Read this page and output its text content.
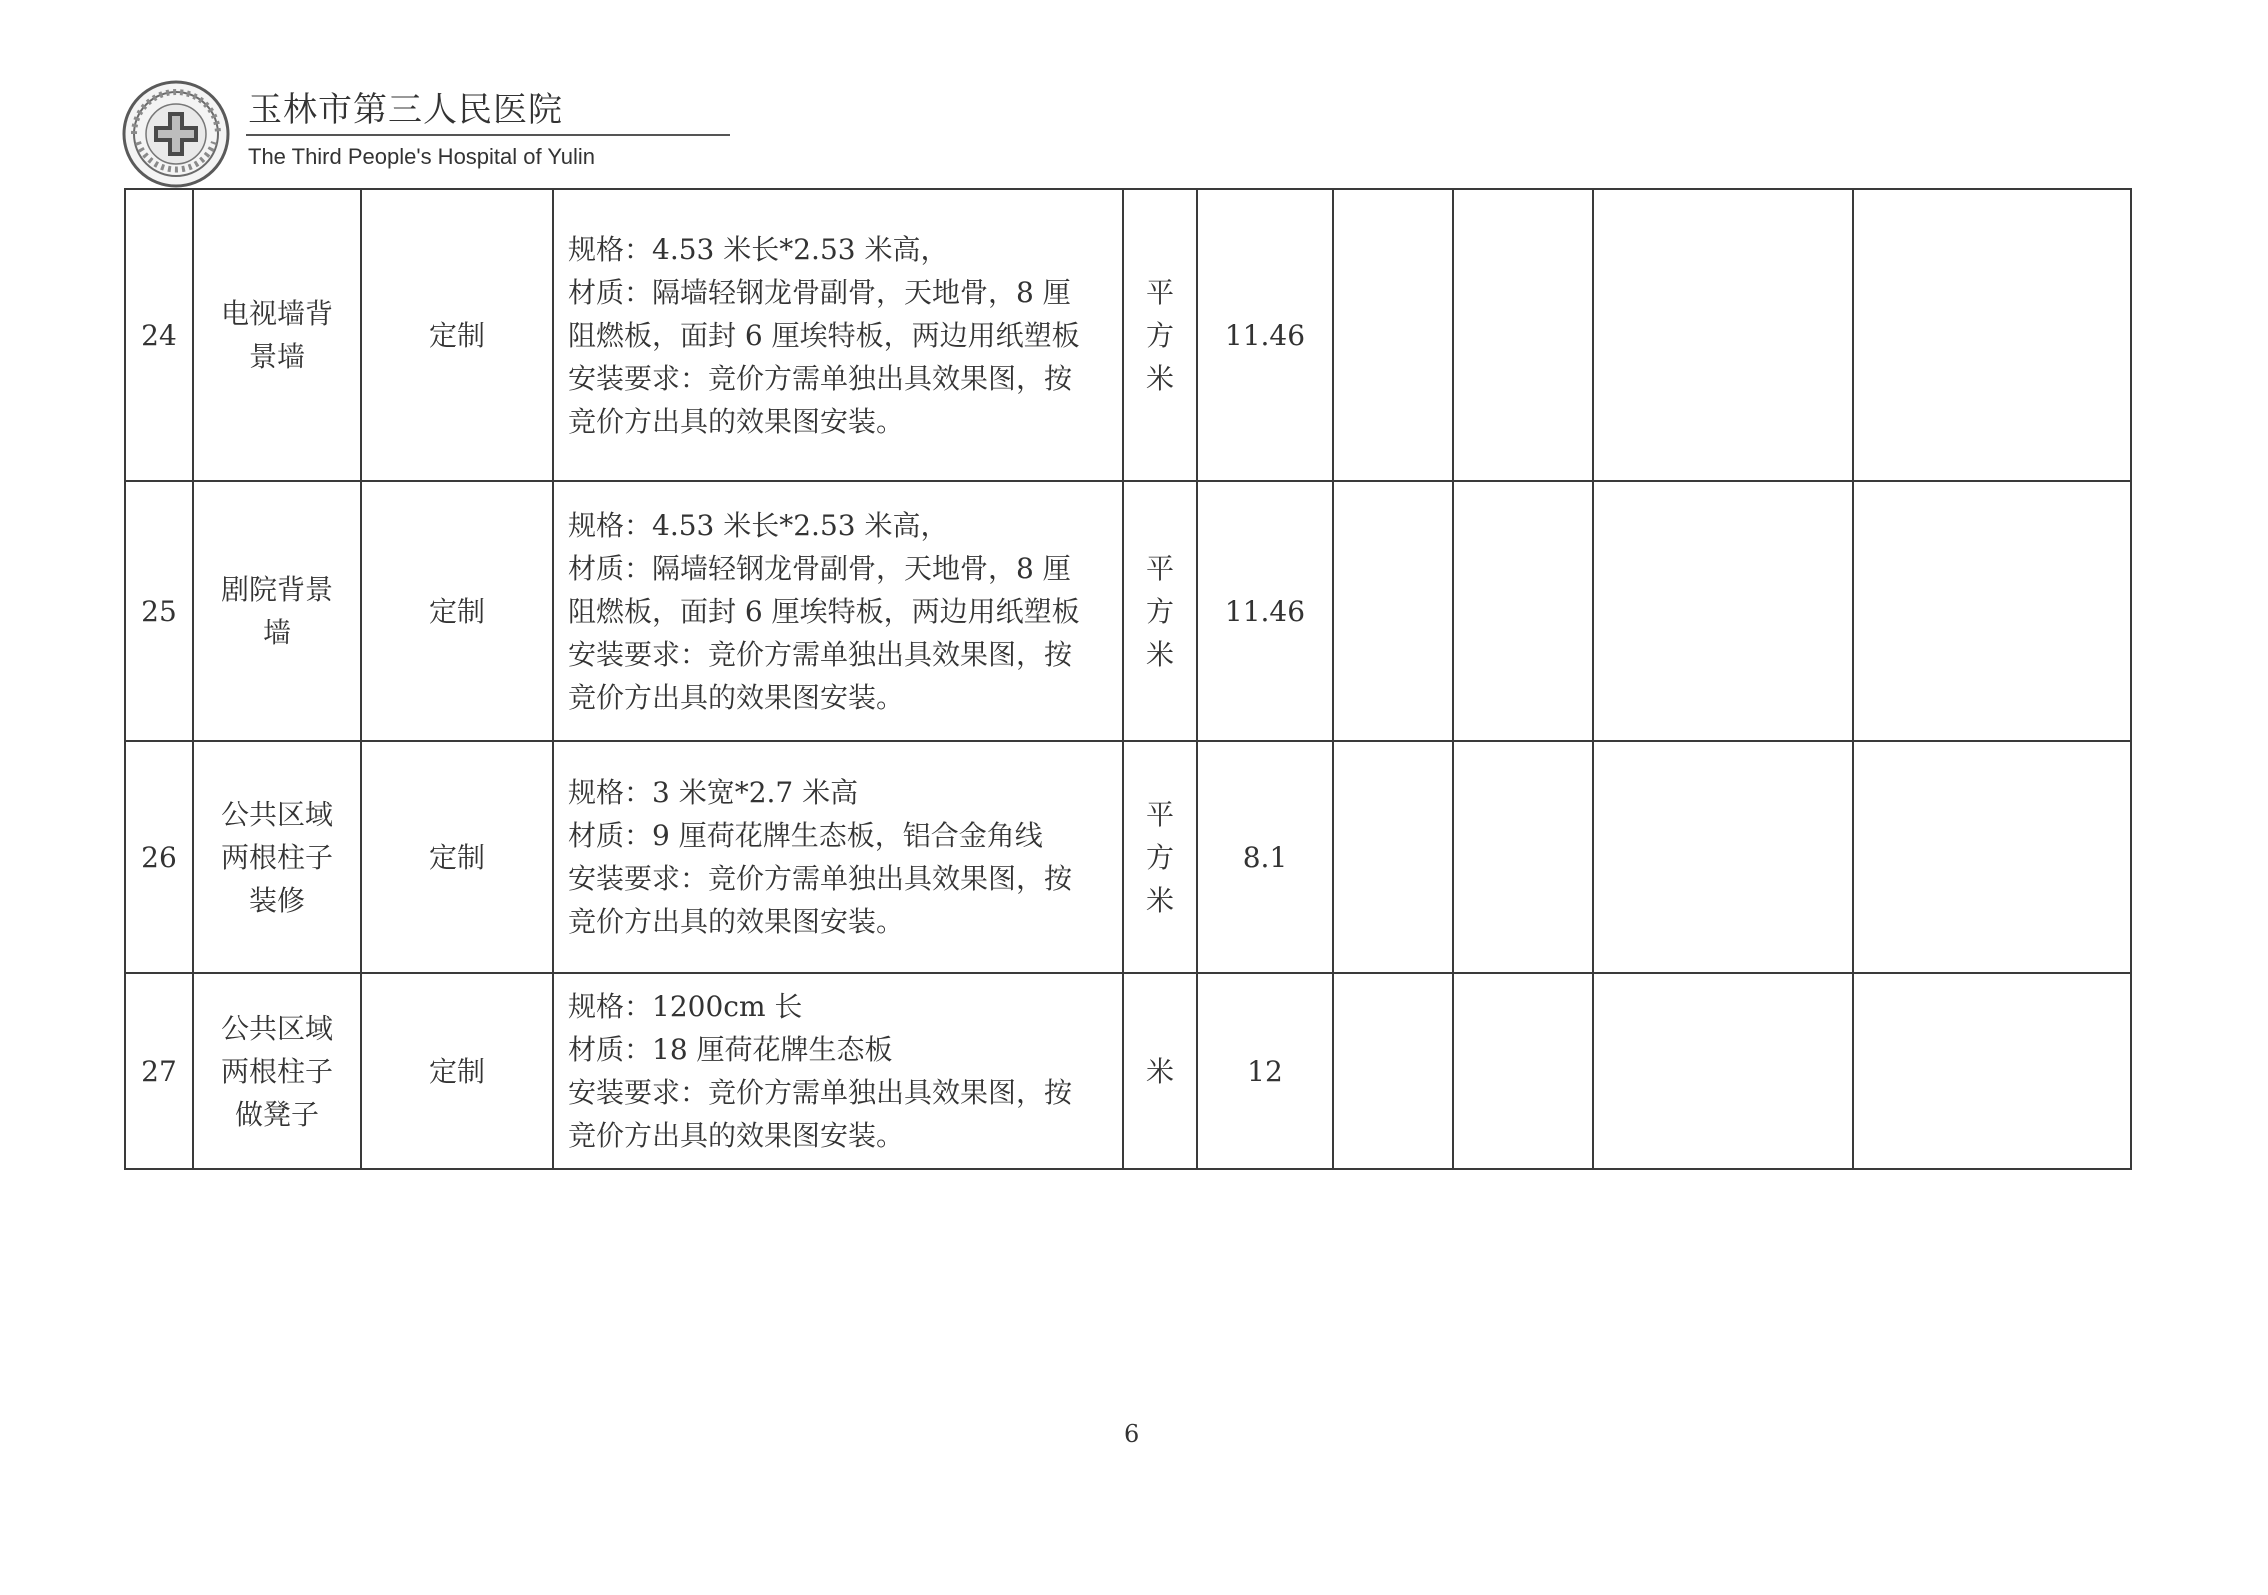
玉林市第三人民医院
The Third People's Hospital of Yulin
24	电视墙背
景墙	定制	规格：4.53 米长*2.53 米高，
材质：隔墙轻钢龙骨副骨，天地骨，8 厘
阻燃板，面封 6 厘埃特板，两边用纸塑板
安装要求：竞价方需单独出具效果图，按
竞价方出具的效果图安装。	平
方
米	11.46				
25	剧院背景
墙	定制	规格：4.53 米长*2.53 米高，
材质：隔墙轻钢龙骨副骨，天地骨，8 厘
阻燃板，面封 6 厘埃特板，两边用纸塑板
安装要求：竞价方需单独出具效果图，按
竞价方出具的效果图安装。	平
方
米	11.46				
26	公共区域
两根柱子
装修	定制	规格：3 米宽*2.7 米高
材质：9 厘荷花牌生态板，铝合金角线
安装要求：竞价方需单独出具效果图，按
竞价方出具的效果图安装。	平
方
米	8.1				
27	公共区域
两根柱子
做凳子	定制	规格：1200cm 长
材质：18 厘荷花牌生态板
安装要求：竞价方需单独出具效果图，按
竞价方出具的效果图安装。	米	12				
6
